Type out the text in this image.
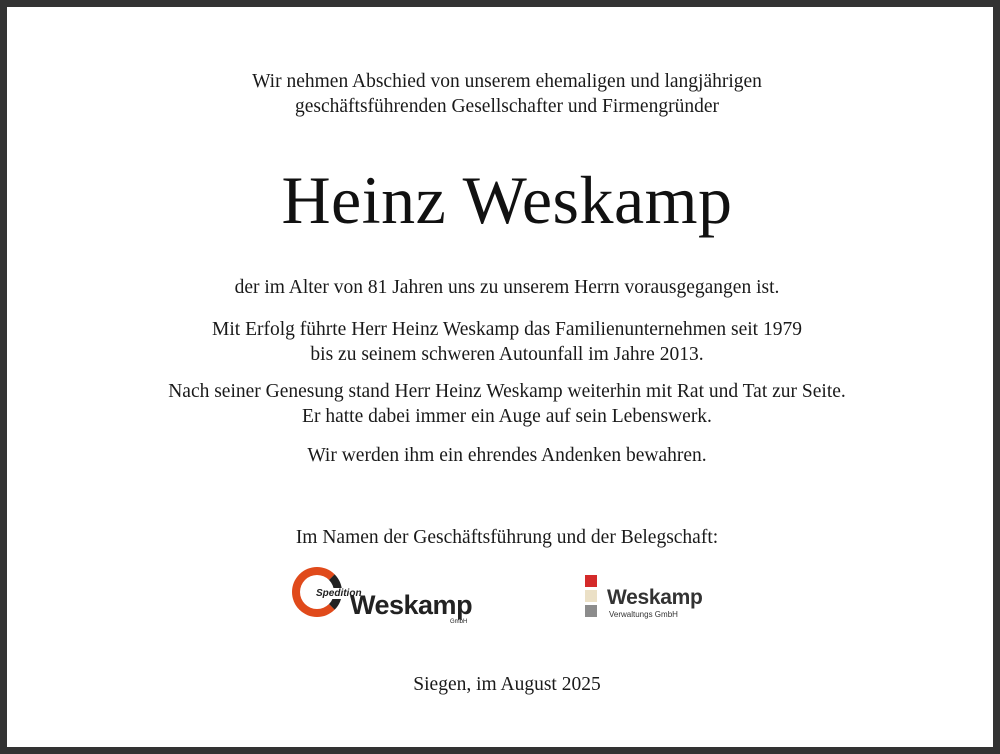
Wir nehmen Abschied von unserem ehemaligen und langjährigen
geschäftsführenden Gesellschafter und Firmengründer
Heinz Weskamp
der im Alter von 81 Jahren uns zu unserem Herrn vorausgegangen ist.
Mit Erfolg führte Herr Heinz Weskamp das Familienunternehmen seit 1979
bis zu seinem schweren Autounfall im Jahre 2013.
Nach seiner Genesung stand Herr Heinz Weskamp weiterhin mit Rat und Tat zur Seite.
Er hatte dabei immer ein Auge auf sein Lebenswerk.
Wir werden ihm ein ehrendes Andenken bewahren.
Im Namen der Geschäftsführung und der Belegschaft:
Spedition
Weskamp
GmbH
Weskamp
Verwaltungs GmbH
Siegen, im August 2025
